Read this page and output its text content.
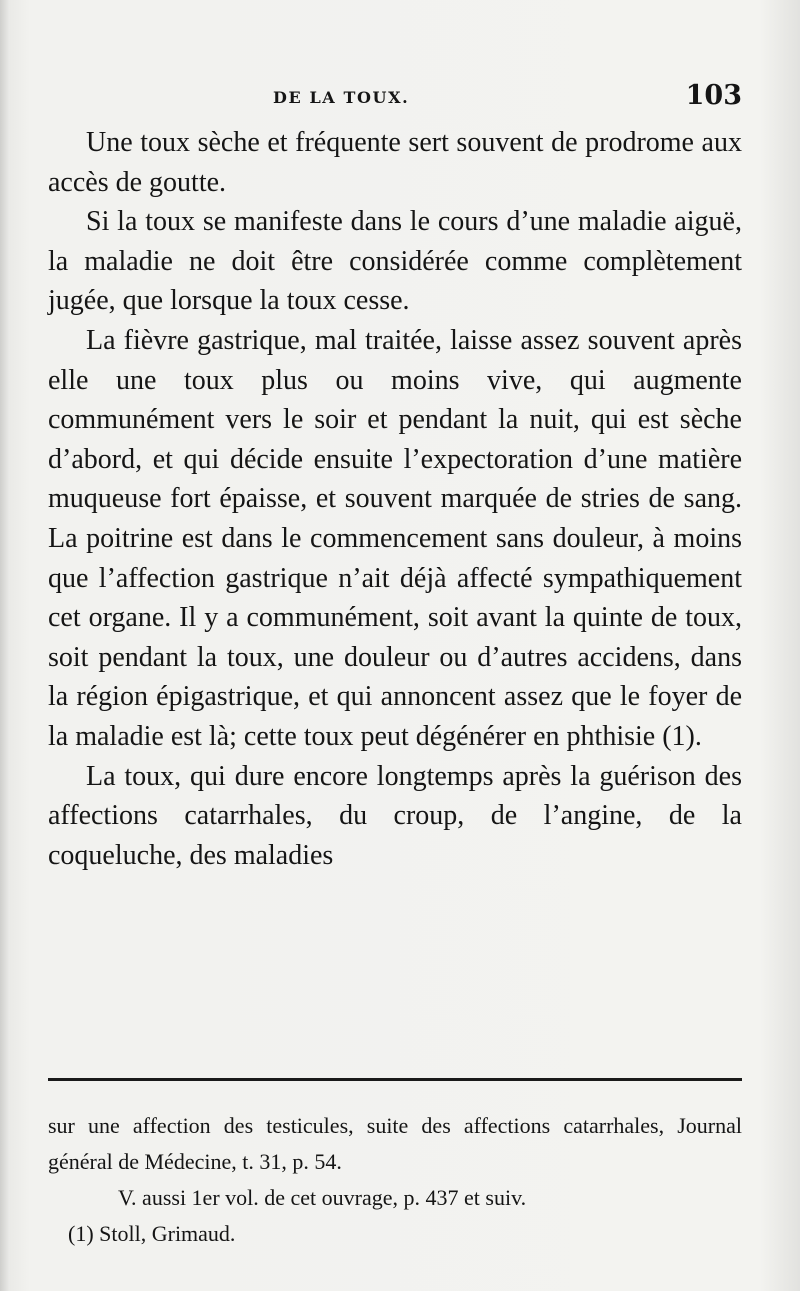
DE LA TOUX.	103

Une toux sèche et fréquente sert souvent de prodrome aux accès de goutte.

Si la toux se manifeste dans le cours d’une maladie aiguë, la maladie ne doit être considérée comme complètement jugée, que lorsque la toux cesse.

La fièvre gastrique, mal traitée, laisse assez souvent après elle une toux plus ou moins vive, qui augmente communément vers le soir et pendant la nuit, qui est sèche d’abord, et qui décide ensuite l’expectoration d’une matière muqueuse fort épaisse, et souvent marquée de stries de sang. La poitrine est dans le commencement sans douleur, à moins que l’affection gastrique n’ait déjà affecté sympathiquement cet organe. Il y a communément, soit avant la quinte de toux, soit pendant la toux, une douleur ou d’autres accidens, dans la région épigastrique, et qui annoncent assez que le foyer de la maladie est là; cette toux peut dégénérer en phthisie (1).

La toux, qui dure encore longtemps après la guérison des affections catarrhales, du croup, de l’angine, de la coqueluche, des maladies

sur une affection des testicules, suite des affections catarrhales, Journal général de Médecine, t. 31, p. 54.

V. aussi 1er vol. de cet ouvrage, p. 437 et suiv.

(1) Stoll, Grimaud.
